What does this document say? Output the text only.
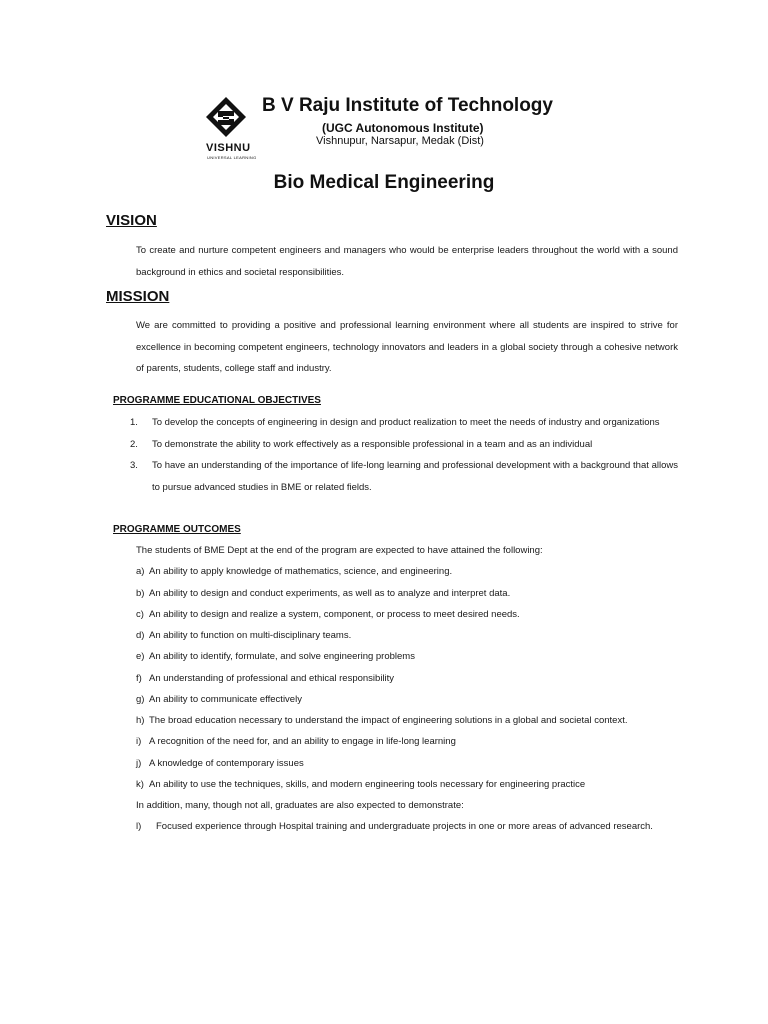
VISHNU
UNIVERSAL LEARNING
B V Raju Institute of Technology
(UGC Autonomous Institute)
Vishnupur, Narsapur, Medak (Dist)
Bio Medical Engineering
VISION
To create and nurture competent engineers and managers who would be enterprise leaders throughout the world with a sound background in ethics and societal responsibilities.
MISSION
We are committed to providing a positive and professional learning environment where all students are inspired to strive for excellence in becoming competent engineers, technology innovators and leaders in a global society through a cohesive network of parents, students, college staff and industry.
PROGRAMME EDUCATIONAL OBJECTIVES
1. To develop the concepts of engineering in design and product realization to meet the needs of industry and organizations
2. To demonstrate the ability to work effectively as a responsible professional in a team and as an individual
3. To have an understanding of the importance of life-long learning and professional development with a background that allows to pursue advanced studies in BME or related fields.
PROGRAMME OUTCOMES
The students of BME Dept at the end of the program are expected to have attained the following:
a) An ability to apply knowledge of mathematics, science, and engineering.
b) An ability to design and conduct experiments, as well as to analyze and interpret data.
c) An ability to design and realize a system, component, or process to meet desired needs.
d) An ability to function on multi-disciplinary teams.
e) An ability to identify, formulate, and solve engineering problems
f) An understanding of professional and ethical responsibility
g) An ability to communicate effectively
h) The broad education necessary to understand the impact of engineering solutions in a global and societal context.
i) A recognition of the need for, and an ability to engage in life-long learning
j) A knowledge of contemporary issues
k) An ability to use the techniques, skills, and modern engineering tools necessary for engineering practice
In addition, many, though not all, graduates are also expected to demonstrate:
l) Focused experience through Hospital training and undergraduate projects in one or more areas of advanced research.
